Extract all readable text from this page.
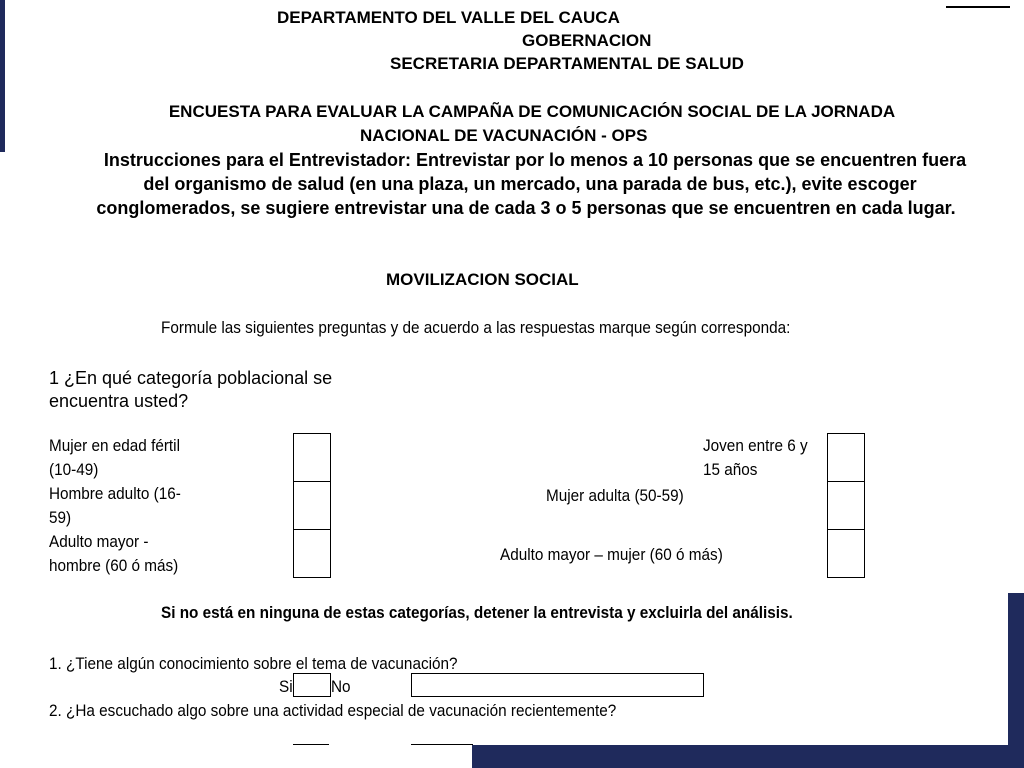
DEPARTAMENTO DEL VALLE DEL CAUCA
GOBERNACION
SECRETARIA DEPARTAMENTAL DE SALUD
ENCUESTA PARA EVALUAR LA CAMPAÑA DE COMUNICACIÓN SOCIAL DE LA JORNADA
NACIONAL DE VACUNACIÓN - OPS
Instrucciones para el Entrevistador: Entrevistar por lo menos a 10 personas que se encuentren fuera
del organismo de salud (en una plaza, un mercado, una parada de bus, etc.), evite escoger
conglomerados, se sugiere entrevistar una de cada 3 o 5 personas que se encuentren en cada lugar.
MOVILIZACION SOCIAL
Formule las siguientes preguntas y de acuerdo a las respuestas marque según corresponda:
1 ¿En qué categoría poblacional se
encuentra usted?
Mujer en edad fértil
(10-49)
Hombre adulto (16-
59)
Adulto mayor -
hombre (60 ó más)
Joven entre 6 y
15 años
Mujer adulta (50-59)
Adulto mayor – mujer (60 ó más)
Si no está en ninguna de estas categorías, detener la entrevista y excluirla del análisis.
1. ¿Tiene algún conocimiento sobre el tema de vacunación?
Si No
2. ¿Ha escuchado algo sobre una actividad especial de vacunación recientemente?
